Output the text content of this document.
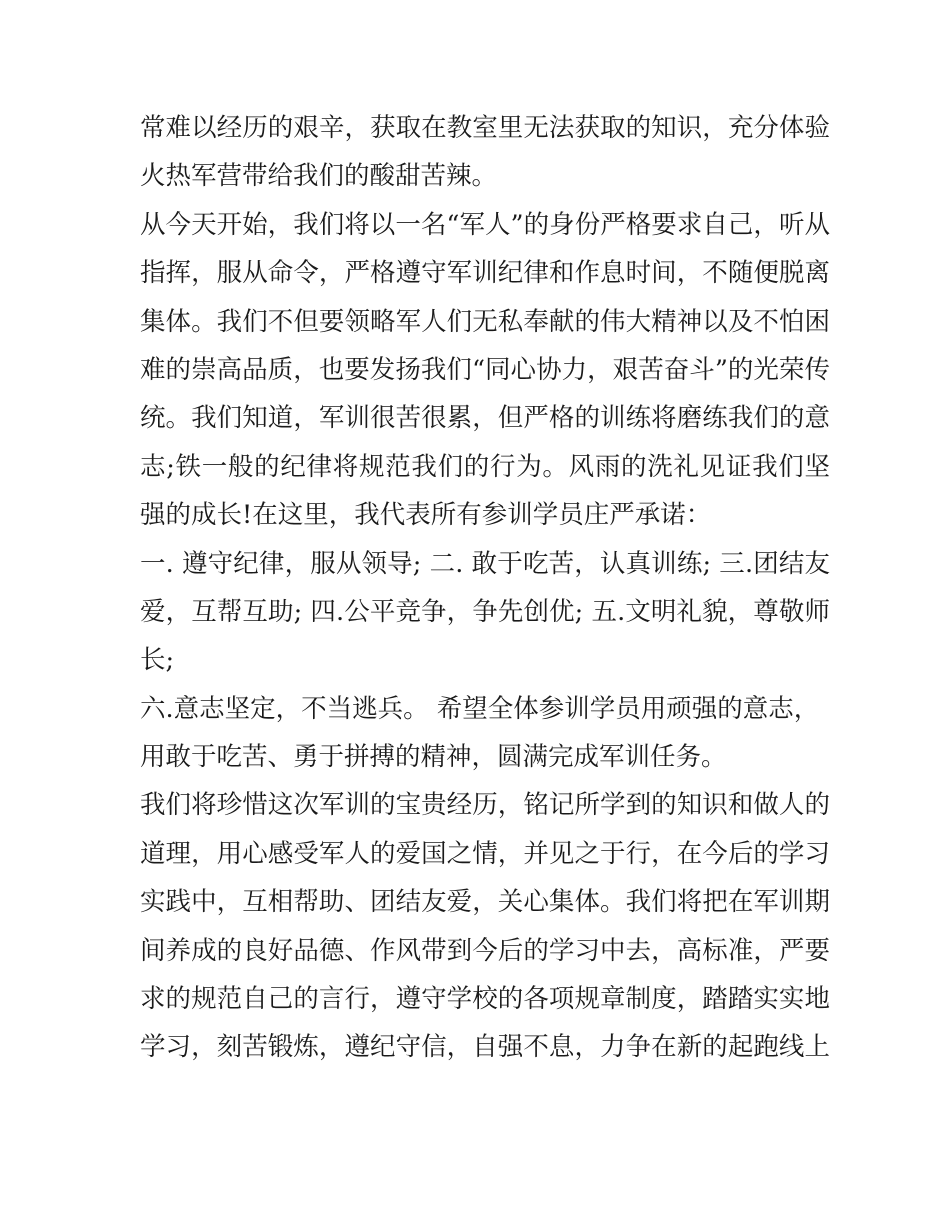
常难以经历的艰辛，获取在教室里无法获取的知识，充分体验
火热军营带给我们的酸甜苦辣。
从今天开始，我们将以一名“军人”的身份严格要求自己，听从
指挥，服从命令，严格遵守军训纪律和作息时间，不随便脱离
集体。我们不但要领略军人们无私奉献的伟大精神以及不怕困
难的崇高品质，也要发扬我们“同心协力，艰苦奋斗”的光荣传
统。我们知道，军训很苦很累，但严格的训练将磨练我们的意
志;铁一般的纪律将规范我们的行为。风雨的洗礼见证我们坚
强的成长!在这里，我代表所有参训学员庄严承诺：
一. 遵守纪律，服从领导; 二. 敢于吃苦，认真训练; 三.团结友
爱，互帮互助; 四.公平竞争，争先创优; 五.文明礼貌，尊敬师
长;
六.意志坚定，不当逃兵。 希望全体参训学员用顽强的意志，
用敢于吃苦、勇于拼搏的精神，圆满完成军训任务。
我们将珍惜这次军训的宝贵经历，铭记所学到的知识和做人的
道理，用心感受军人的爱国之情，并见之于行，在今后的学习
实践中，互相帮助、团结友爱，关心集体。我们将把在军训期
间养成的良好品德、作风带到今后的学习中去，高标准，严要
求的规范自己的言行，遵守学校的各项规章制度，踏踏实实地
学习，刻苦锻炼，遵纪守信，自强不息，力争在新的起跑线上
